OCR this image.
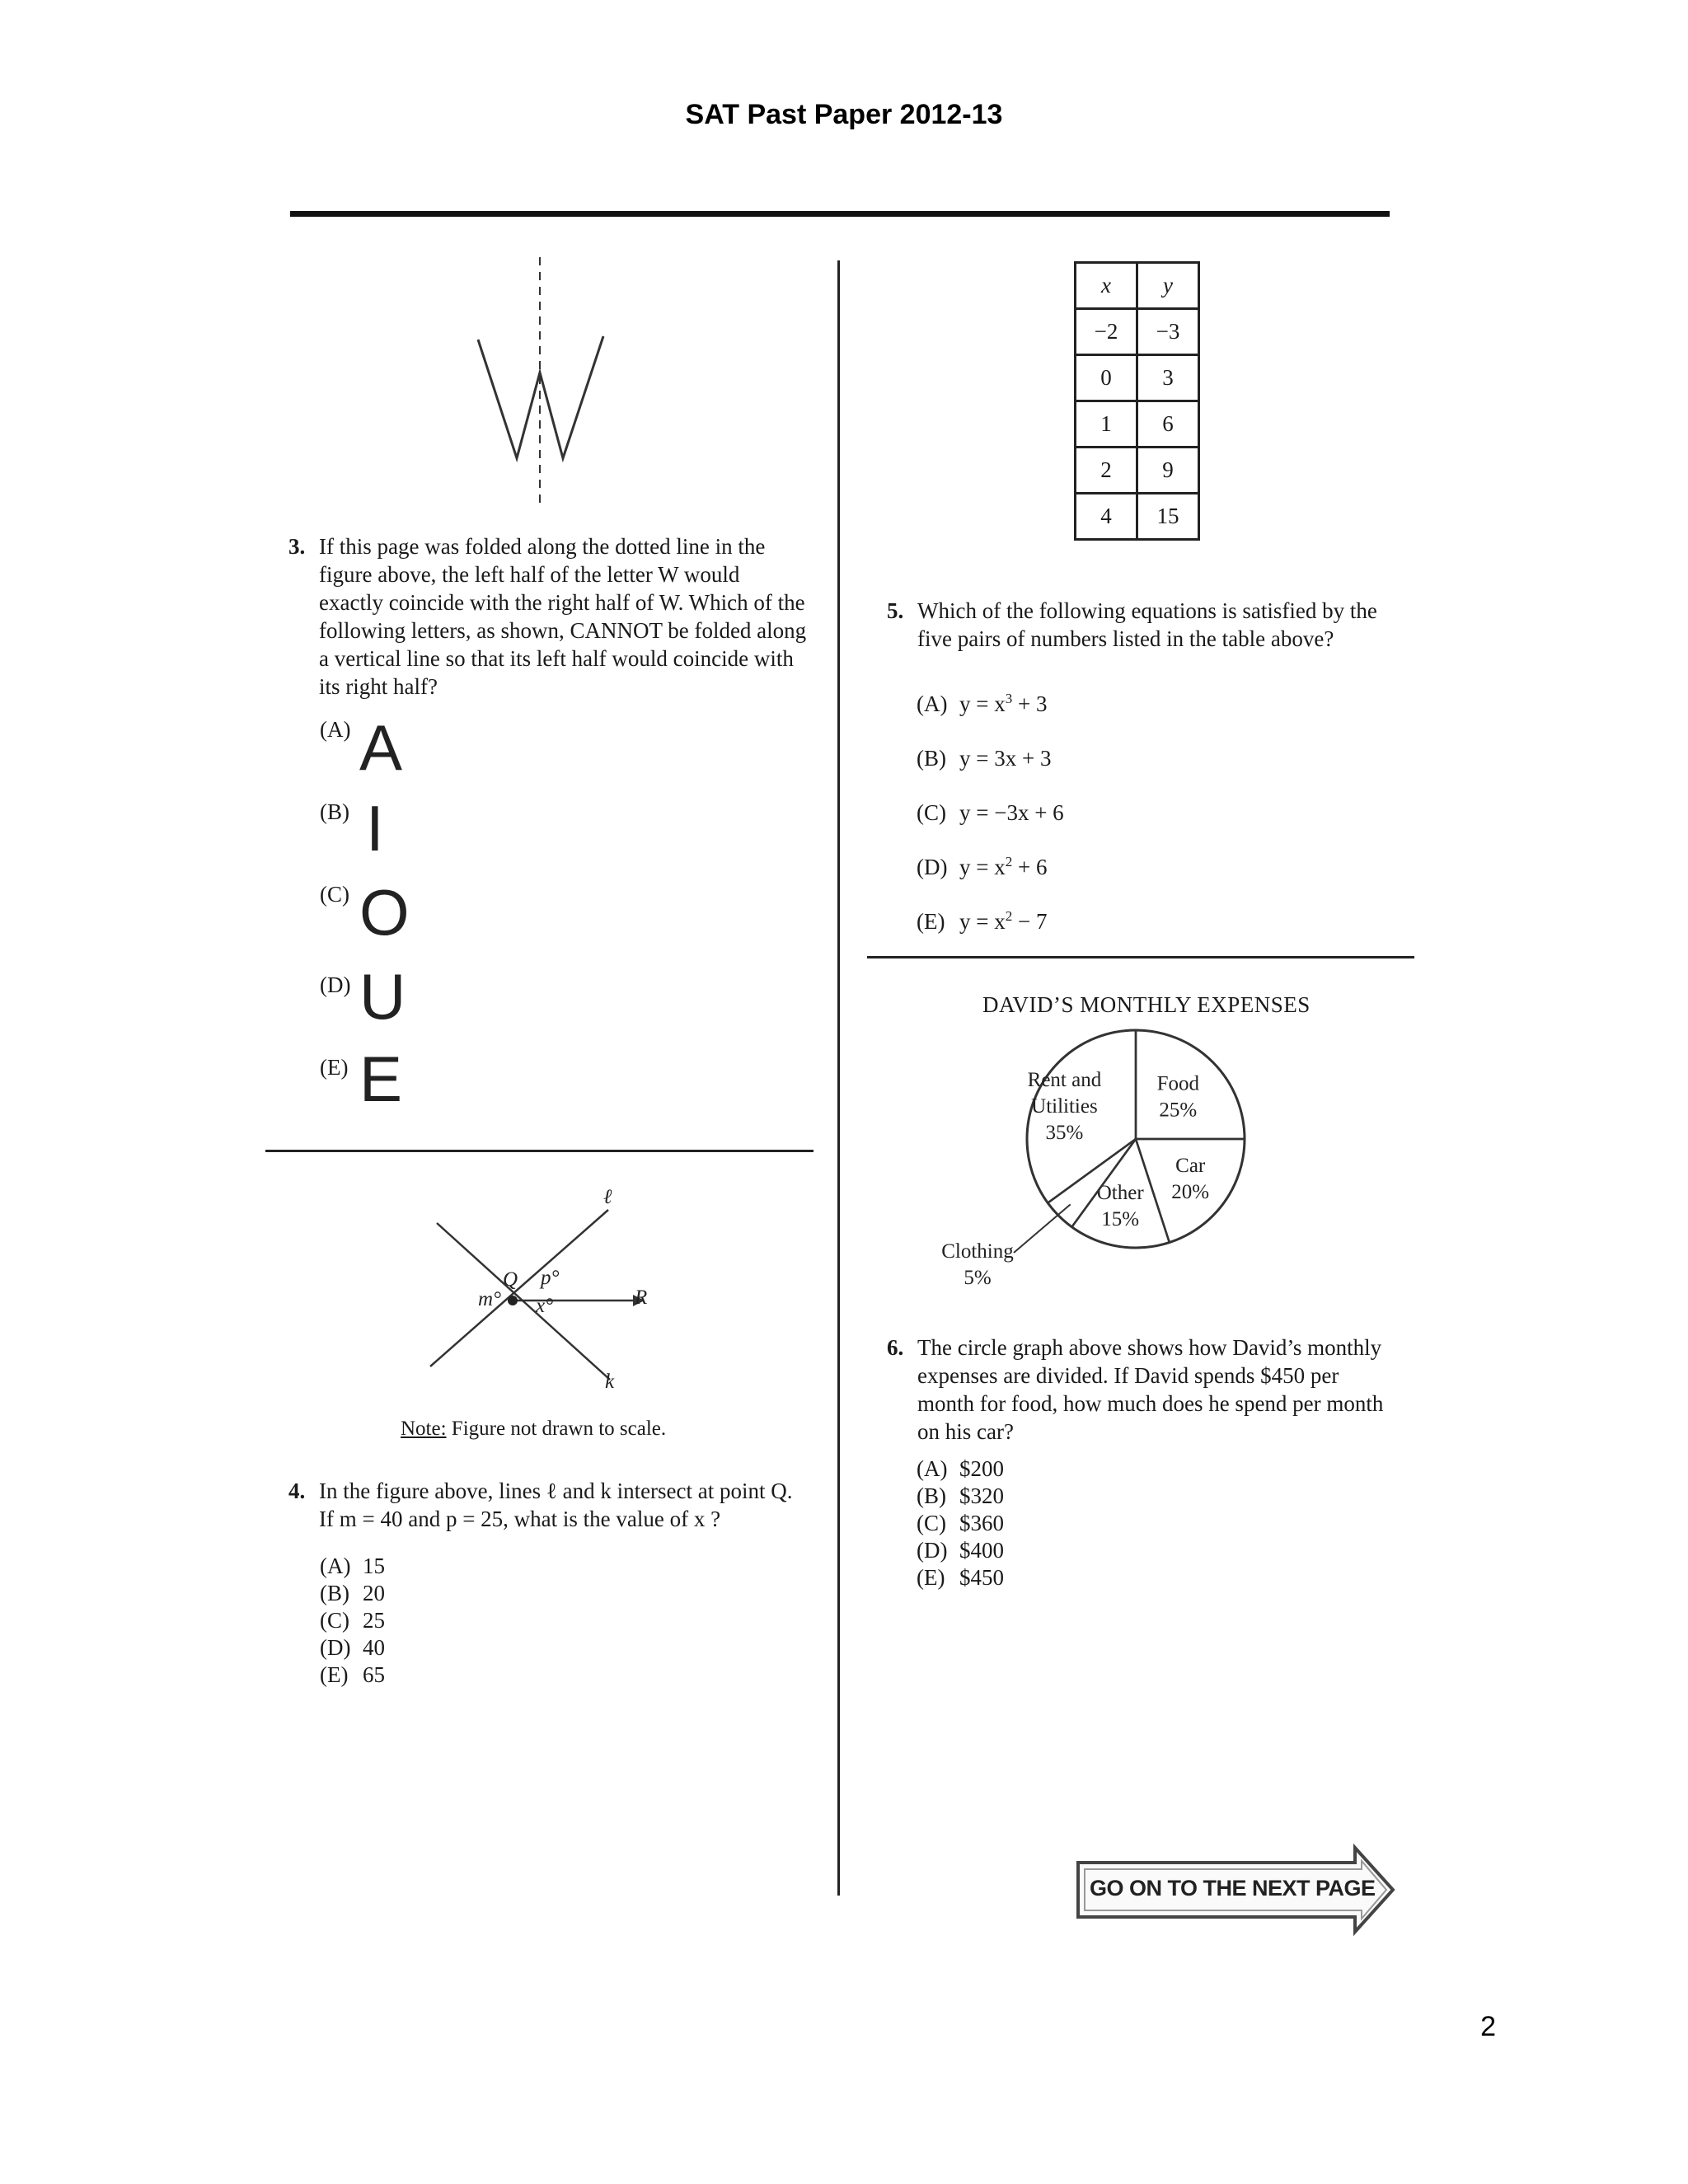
SAT Past Paper 2012-13
W
3. If this page was folded along the dotted line in the figure above, the left half of the letter W would exactly coincide with the right half of W. Which of the following letters, as shown, CANNOT be folded along a vertical line so that its left half would coincide with its right half?
(A) A
(B) I
(C) O
(D) U
(E) E
ℓ
k
R
Q
m°
p°
x°
Note: Figure not drawn to scale.
4. In the figure above, lines ℓ and k intersect at point Q. If m = 40 and p = 25, what is the value of x ?
(A) 15
(B) 20
(C) 25
(D) 40
(E) 65
x	y
−2	−3
0	3
1	6
2	9
4	15
5. Which of the following equations is satisfied by the five pairs of numbers listed in the table above?
(A) $y = x^3 + 3$
(B) y = 3x + 3
(C) y = −3x + 6
(D) $y = x^2 + 6$
(E) $y = x^2 - 7$
DAVID’S MONTHLY EXPENSES
Food
25%
Car
20%
Other
15%
Clothing
5%
Rent and
Utilities
35%
6. The circle graph above shows how David’s monthly expenses are divided. If David spends $450 per month for food, how much does he spend per month on his car?
(A) $200
(B) $320
(C) $360
(D) $400
(E) $450
GO ON TO THE NEXT PAGE
2
